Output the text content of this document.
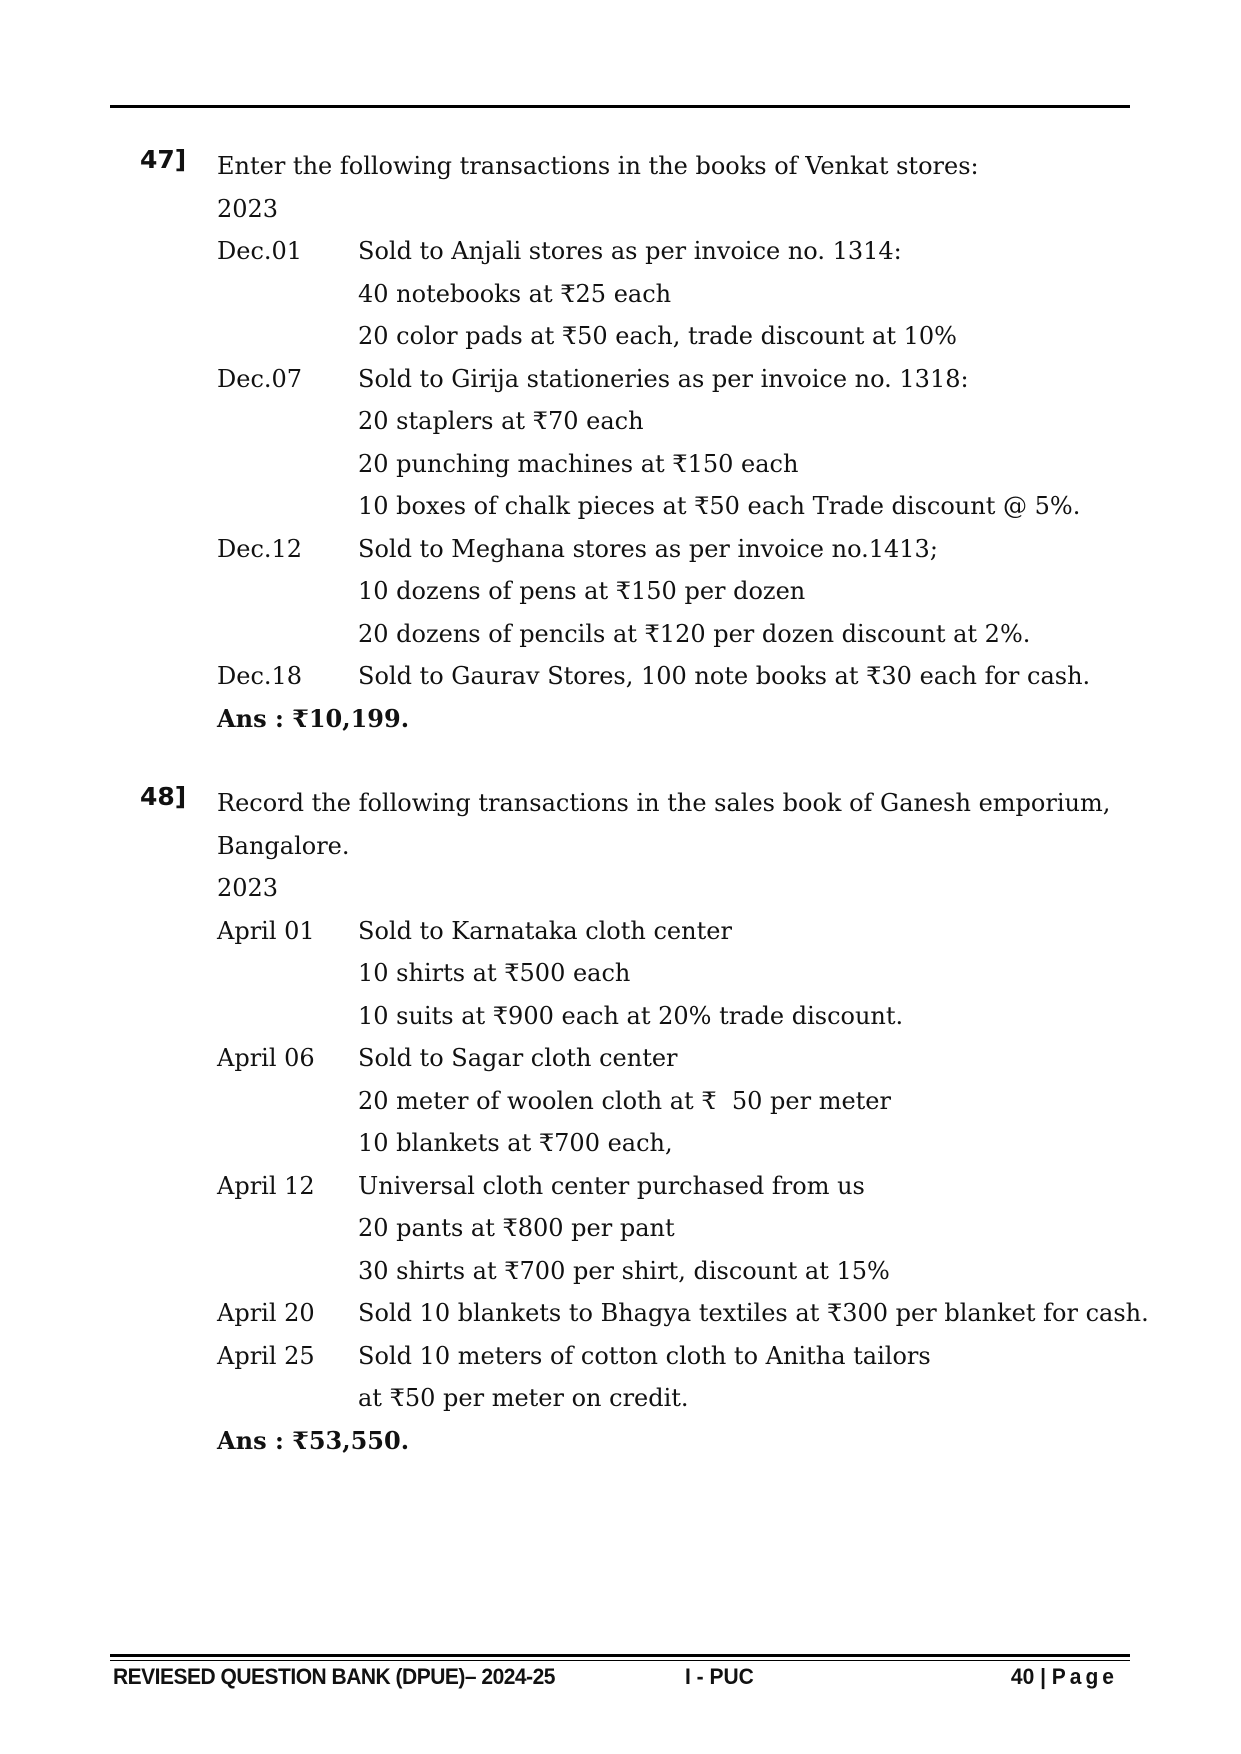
47] Enter the following transactions in the books of Venkat stores:
2023
Dec.01	Sold to Anjali stores as per invoice no. 1314:
40 notebooks at ₹25 each
20 color pads at ₹50 each, trade discount at 10%
Dec.07	Sold to Girija stationeries as per invoice no. 1318:
20 staplers at ₹70 each
20 punching machines at ₹150 each
10 boxes of chalk pieces at ₹50 each Trade discount @ 5%.
Dec.12	Sold to Meghana stores as per invoice no.1413;
10 dozens of pens at ₹150 per dozen
20 dozens of pencils at ₹120 per dozen discount at 2%.
Dec.18	Sold to Gaurav Stores, 100 note books at ₹30 each for cash.
Ans : ₹10,199.
48] Record the following transactions in the sales book of Ganesh emporium,
Bangalore.
2023
April 01	Sold to Karnataka cloth center
10 shirts at ₹500 each
10 suits at ₹900 each at 20% trade discount.
April 06	Sold to Sagar cloth center
20 meter of woolen cloth at ₹  50 per meter
10 blankets at ₹700 each,
April 12	Universal cloth center purchased from us
20 pants at ₹800 per pant
30 shirts at ₹700 per shirt, discount at 15%
April 20	Sold 10 blankets to Bhagya textiles at ₹300 per blanket for cash.
April 25	Sold 10 meters of cotton cloth to Anitha tailors
at ₹50 per meter on credit.
Ans : ₹53,550.
REVIESED QUESTION BANK (DPUE)– 2024-25	I - PUC	40 | Page
